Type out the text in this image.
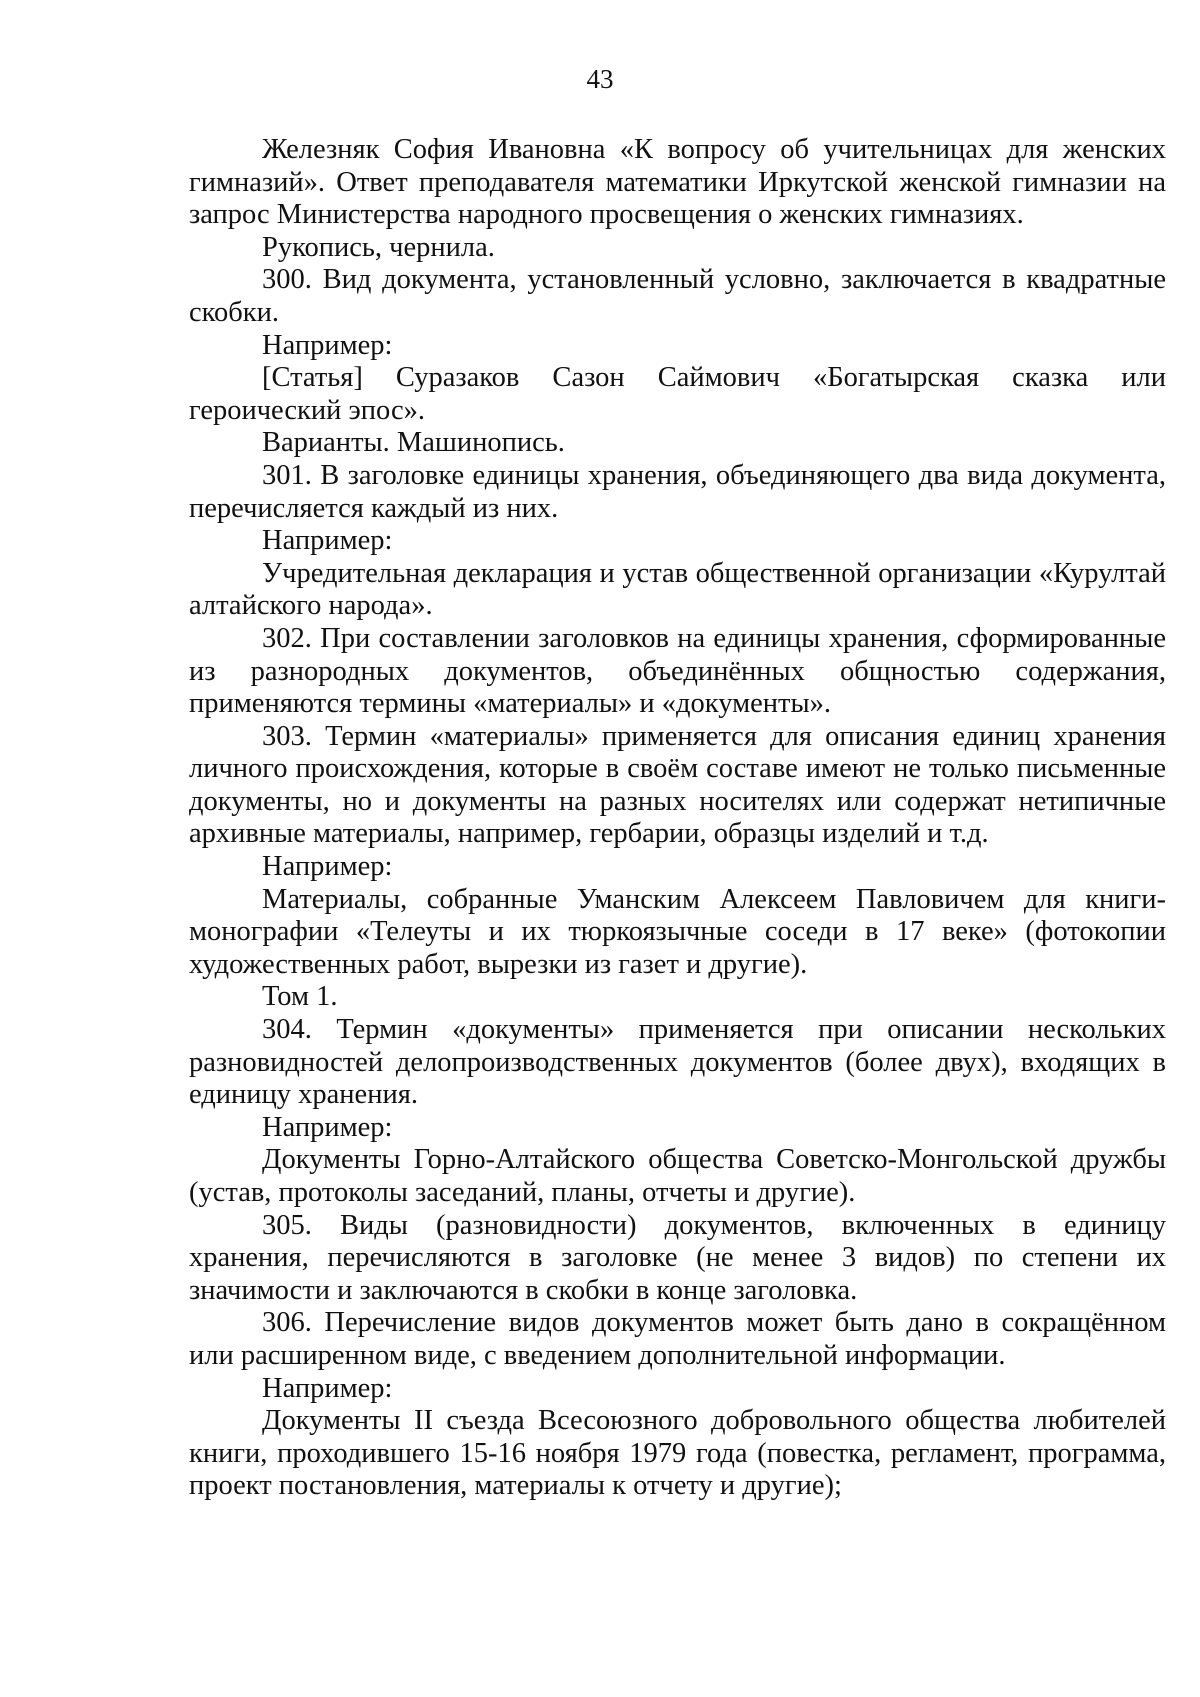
43

Железняк София Ивановна «К вопросу об учительницах для женских гимназий». Ответ преподавателя математики Иркутской женской гимназии на запрос Министерства народного просвещения о женских гимназиях.

Рукопись, чернила.

300. Вид документа, установленный условно, заключается в квадратные скобки.

Например:

[Статья] Суразаков Сазон Саймович «Богатырская сказка или героический эпос».

Варианты. Машинопись.

301. В заголовке единицы хранения, объединяющего два вида документа, перечисляется каждый из них.

Например:

Учредительная декларация и устав общественной организации «Курултай алтайского народа».

302. При составлении заголовков на единицы хранения, сформированные из разнородных документов, объединённых общностью содержания, применяются термины «материалы» и «документы».

303. Термин «материалы» применяется для описания единиц хранения личного происхождения, которые в своём составе имеют не только письменные документы, но и документы на разных носителях или содержат нетипичные архивные материалы, например, гербарии, образцы изделий и т.д.

Например:

Материалы, собранные Уманским Алексеем Павловичем для книги-монографии «Телеуты и их тюркоязычные соседи в 17 веке» (фотокопии художественных работ, вырезки из газет и другие).

Том 1.

304. Термин «документы» применяется при описании нескольких разновидностей делопроизводственных документов (более двух), входящих в единицу хранения.

Например:

Документы Горно-Алтайского общества Советско-Монгольской дружбы (устав, протоколы заседаний, планы, отчеты и другие).

305. Виды (разновидности) документов, включенных в единицу хранения, перечисляются в заголовке (не менее 3 видов) по степени их значимости и заключаются в скобки в конце заголовка.

306. Перечисление видов документов может быть дано в сокращённом или расширенном виде, с введением дополнительной информации.

Например:

Документы II съезда Всесоюзного добровольного общества любителей книги, проходившего 15-16 ноября 1979 года (повестка, регламент, программа, проект постановления, материалы к отчету и другие);
